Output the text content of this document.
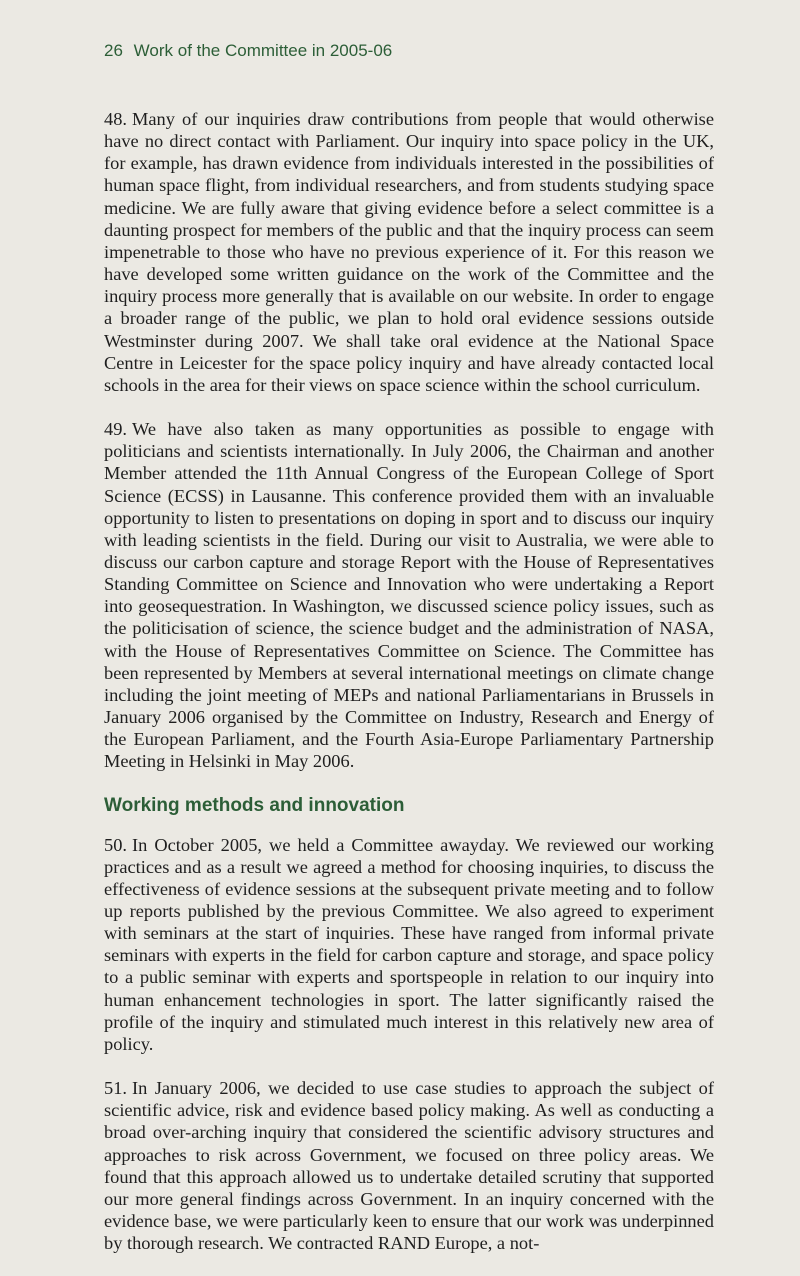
26 Work of the Committee in 2005-06

48. Many of our inquiries draw contributions from people that would otherwise have no direct contact with Parliament. Our inquiry into space policy in the UK, for example, has drawn evidence from individuals interested in the possibilities of human space flight, from individual researchers, and from students studying space medicine. We are fully aware that giving evidence before a select committee is a daunting prospect for members of the public and that the inquiry process can seem impenetrable to those who have no previous experience of it. For this reason we have developed some written guidance on the work of the Committee and the inquiry process more generally that is available on our website. In order to engage a broader range of the public, we plan to hold oral evidence sessions outside Westminster during 2007. We shall take oral evidence at the National Space Centre in Leicester for the space policy inquiry and have already contacted local schools in the area for their views on space science within the school curriculum.

49. We have also taken as many opportunities as possible to engage with politicians and scientists internationally. In July 2006, the Chairman and another Member attended the 11th Annual Congress of the European College of Sport Science (ECSS) in Lausanne. This conference provided them with an invaluable opportunity to listen to presentations on doping in sport and to discuss our inquiry with leading scientists in the field. During our visit to Australia, we were able to discuss our carbon capture and storage Report with the House of Representatives Standing Committee on Science and Innovation who were undertaking a Report into geosequestration. In Washington, we discussed science policy issues, such as the politicisation of science, the science budget and the administration of NASA, with the House of Representatives Committee on Science. The Committee has been represented by Members at several international meetings on climate change including the joint meeting of MEPs and national Parliamentarians in Brussels in January 2006 organised by the Committee on Industry, Research and Energy of the European Parliament, and the Fourth Asia-Europe Parliamentary Partnership Meeting in Helsinki in May 2006.

Working methods and innovation

50. In October 2005, we held a Committee awayday. We reviewed our working practices and as a result we agreed a method for choosing inquiries, to discuss the effectiveness of evidence sessions at the subsequent private meeting and to follow up reports published by the previous Committee. We also agreed to experiment with seminars at the start of inquiries. These have ranged from informal private seminars with experts in the field for carbon capture and storage, and space policy to a public seminar with experts and sportspeople in relation to our inquiry into human enhancement technologies in sport. The latter significantly raised the profile of the inquiry and stimulated much interest in this relatively new area of policy.

51. In January 2006, we decided to use case studies to approach the subject of scientific advice, risk and evidence based policy making. As well as conducting a broad over-arching inquiry that considered the scientific advisory structures and approaches to risk across Government, we focused on three policy areas. We found that this approach allowed us to undertake detailed scrutiny that supported our more general findings across Government. In an inquiry concerned with the evidence base, we were particularly keen to ensure that our work was underpinned by thorough research. We contracted RAND Europe, a not-
